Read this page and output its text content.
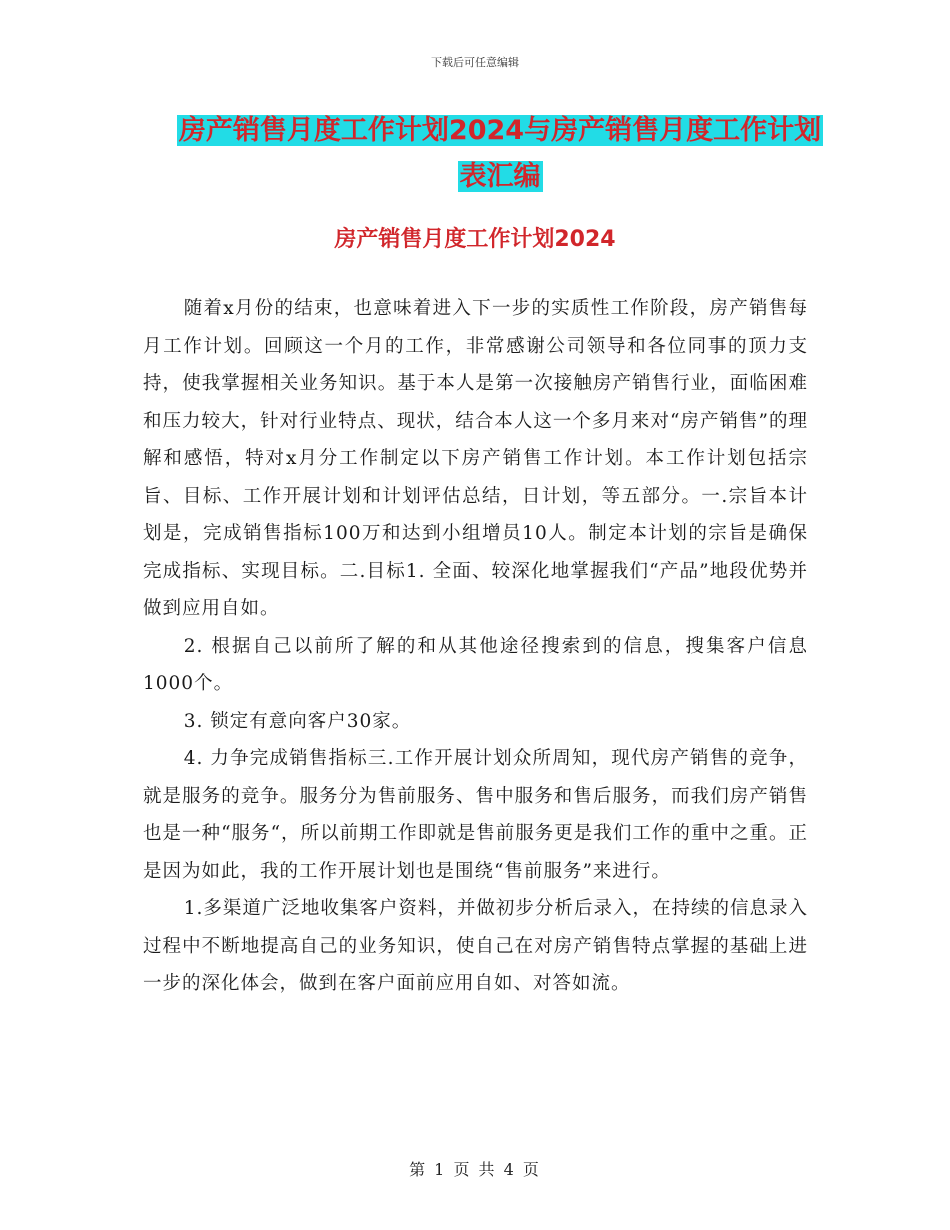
下载后可任意编辑
房产销售月度工作计划2024与房产销售月度工作计划
表汇编
房产销售月度工作计划2024

随着x月份的结束，也意味着进入下一步的实质性工作阶段，房产销售每月工作计划。回顾这一个月的工作，非常感谢公司领导和各位同事的顶力支持，使我掌握相关业务知识。基于本人是第一次接触房产销售行业，面临困难和压力较大，针对行业特点、现状，结合本人这一个多月来对“房产销售”的理解和感悟，特对x月分工作制定以下房产销售工作计划。本工作计划包括宗旨、目标、工作开展计划和计划评估总结，日计划，等五部分。一.宗旨本计划是，完成销售指标100万和达到小组增员10人。制定本计划的宗旨是确保完成指标、实现目标。二.目标1. 全面、较深化地掌握我们“产品”地段优势并做到应用自如。

2. 根据自己以前所了解的和从其他途径搜索到的信息，搜集客户信息1000个。

3. 锁定有意向客户30家。

4. 力争完成销售指标三.工作开展计划众所周知，现代房产销售的竞争，就是服务的竞争。服务分为售前服务、售中服务和售后服务，而我们房产销售也是一种“服务“，所以前期工作即就是售前服务更是我们工作的重中之重。正是因为如此，我的工作开展计划也是围绕“售前服务”来进行。

1.多渠道广泛地收集客户资料，并做初步分析后录入，在持续的信息录入过程中不断地提高自己的业务知识，使自己在对房产销售特点掌握的基础上进一步的深化体会，做到在客户面前应用自如、对答如流。

第 1 页 共 4 页
